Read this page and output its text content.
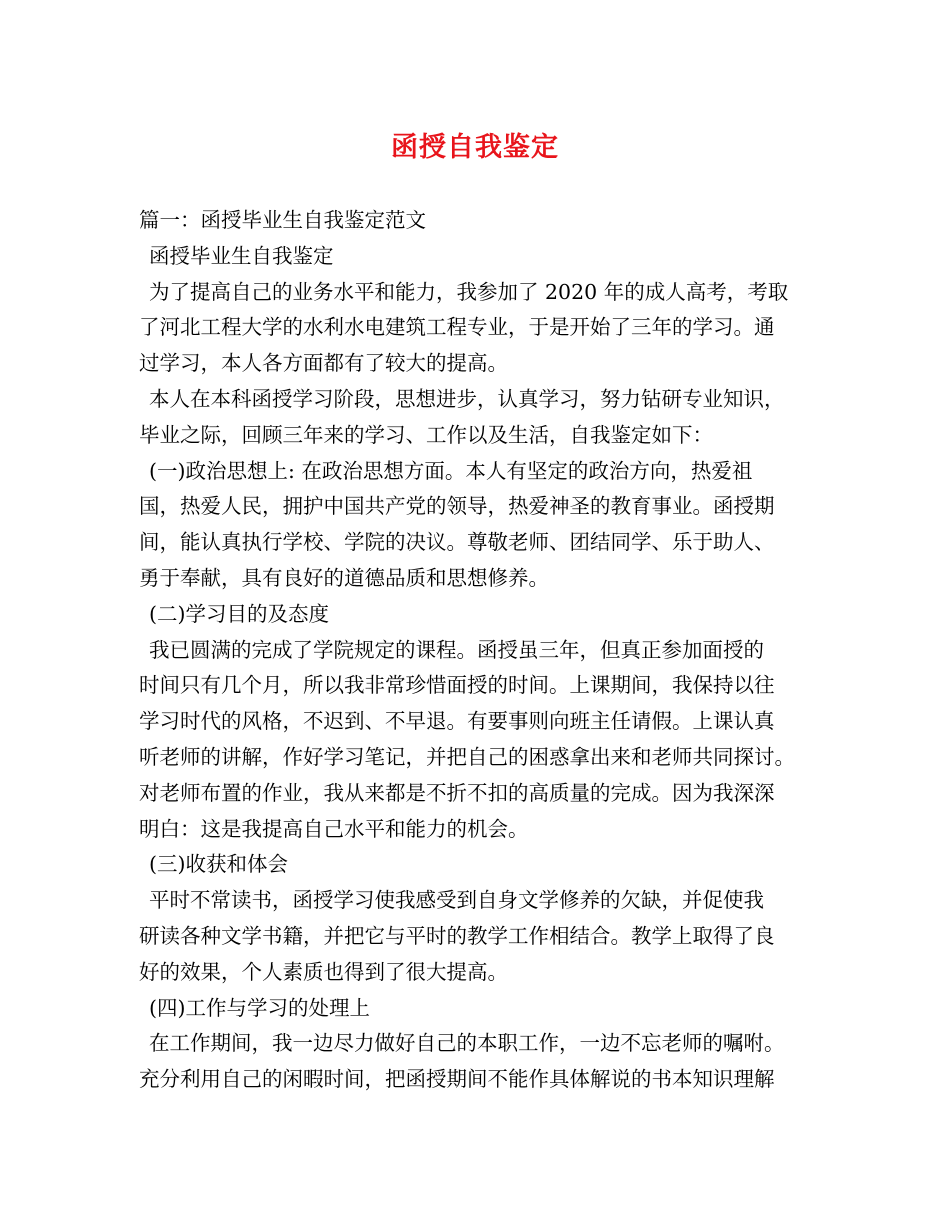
函授自我鉴定
篇一：函授毕业生自我鉴定范文
函授毕业生自我鉴定
为了提高自己的业务水平和能力，我参加了 2020 年的成人高考，考取
了河北工程大学的水利水电建筑工程专业，于是开始了三年的学习。通
过学习，本人各方面都有了较大的提高。
本人在本科函授学习阶段，思想进步，认真学习，努力钻研专业知识，
毕业之际，回顾三年来的学习、工作以及生活，自我鉴定如下：
(一)政治思想上: 在政治思想方面。本人有坚定的政治方向，热爱祖
国，热爱人民，拥护中国共产党的领导，热爱神圣的教育事业。函授期
间，能认真执行学校、学院的决议。尊敬老师、团结同学、乐于助人、
勇于奉献，具有良好的道德品质和思想修养。
(二)学习目的及态度
我已圆满的完成了学院规定的课程。函授虽三年，但真正参加面授的
时间只有几个月，所以我非常珍惜面授的时间。上课期间，我保持以往
学习时代的风格，不迟到、不早退。有要事则向班主任请假。上课认真
听老师的讲解，作好学习笔记，并把自己的困惑拿出来和老师共同探讨。
对老师布置的作业，我从来都是不折不扣的高质量的完成。因为我深深
明白：这是我提高自己水平和能力的机会。
(三)收获和体会
平时不常读书，函授学习使我感受到自身文学修养的欠缺，并促使我
研读各种文学书籍，并把它与平时的教学工作相结合。教学上取得了良
好的效果，个人素质也得到了很大提高。
(四)工作与学习的处理上
在工作期间，我一边尽力做好自己的本职工作，一边不忘老师的嘱咐。
充分利用自己的闲暇时间，把函授期间不能作具体解说的书本知识理解
